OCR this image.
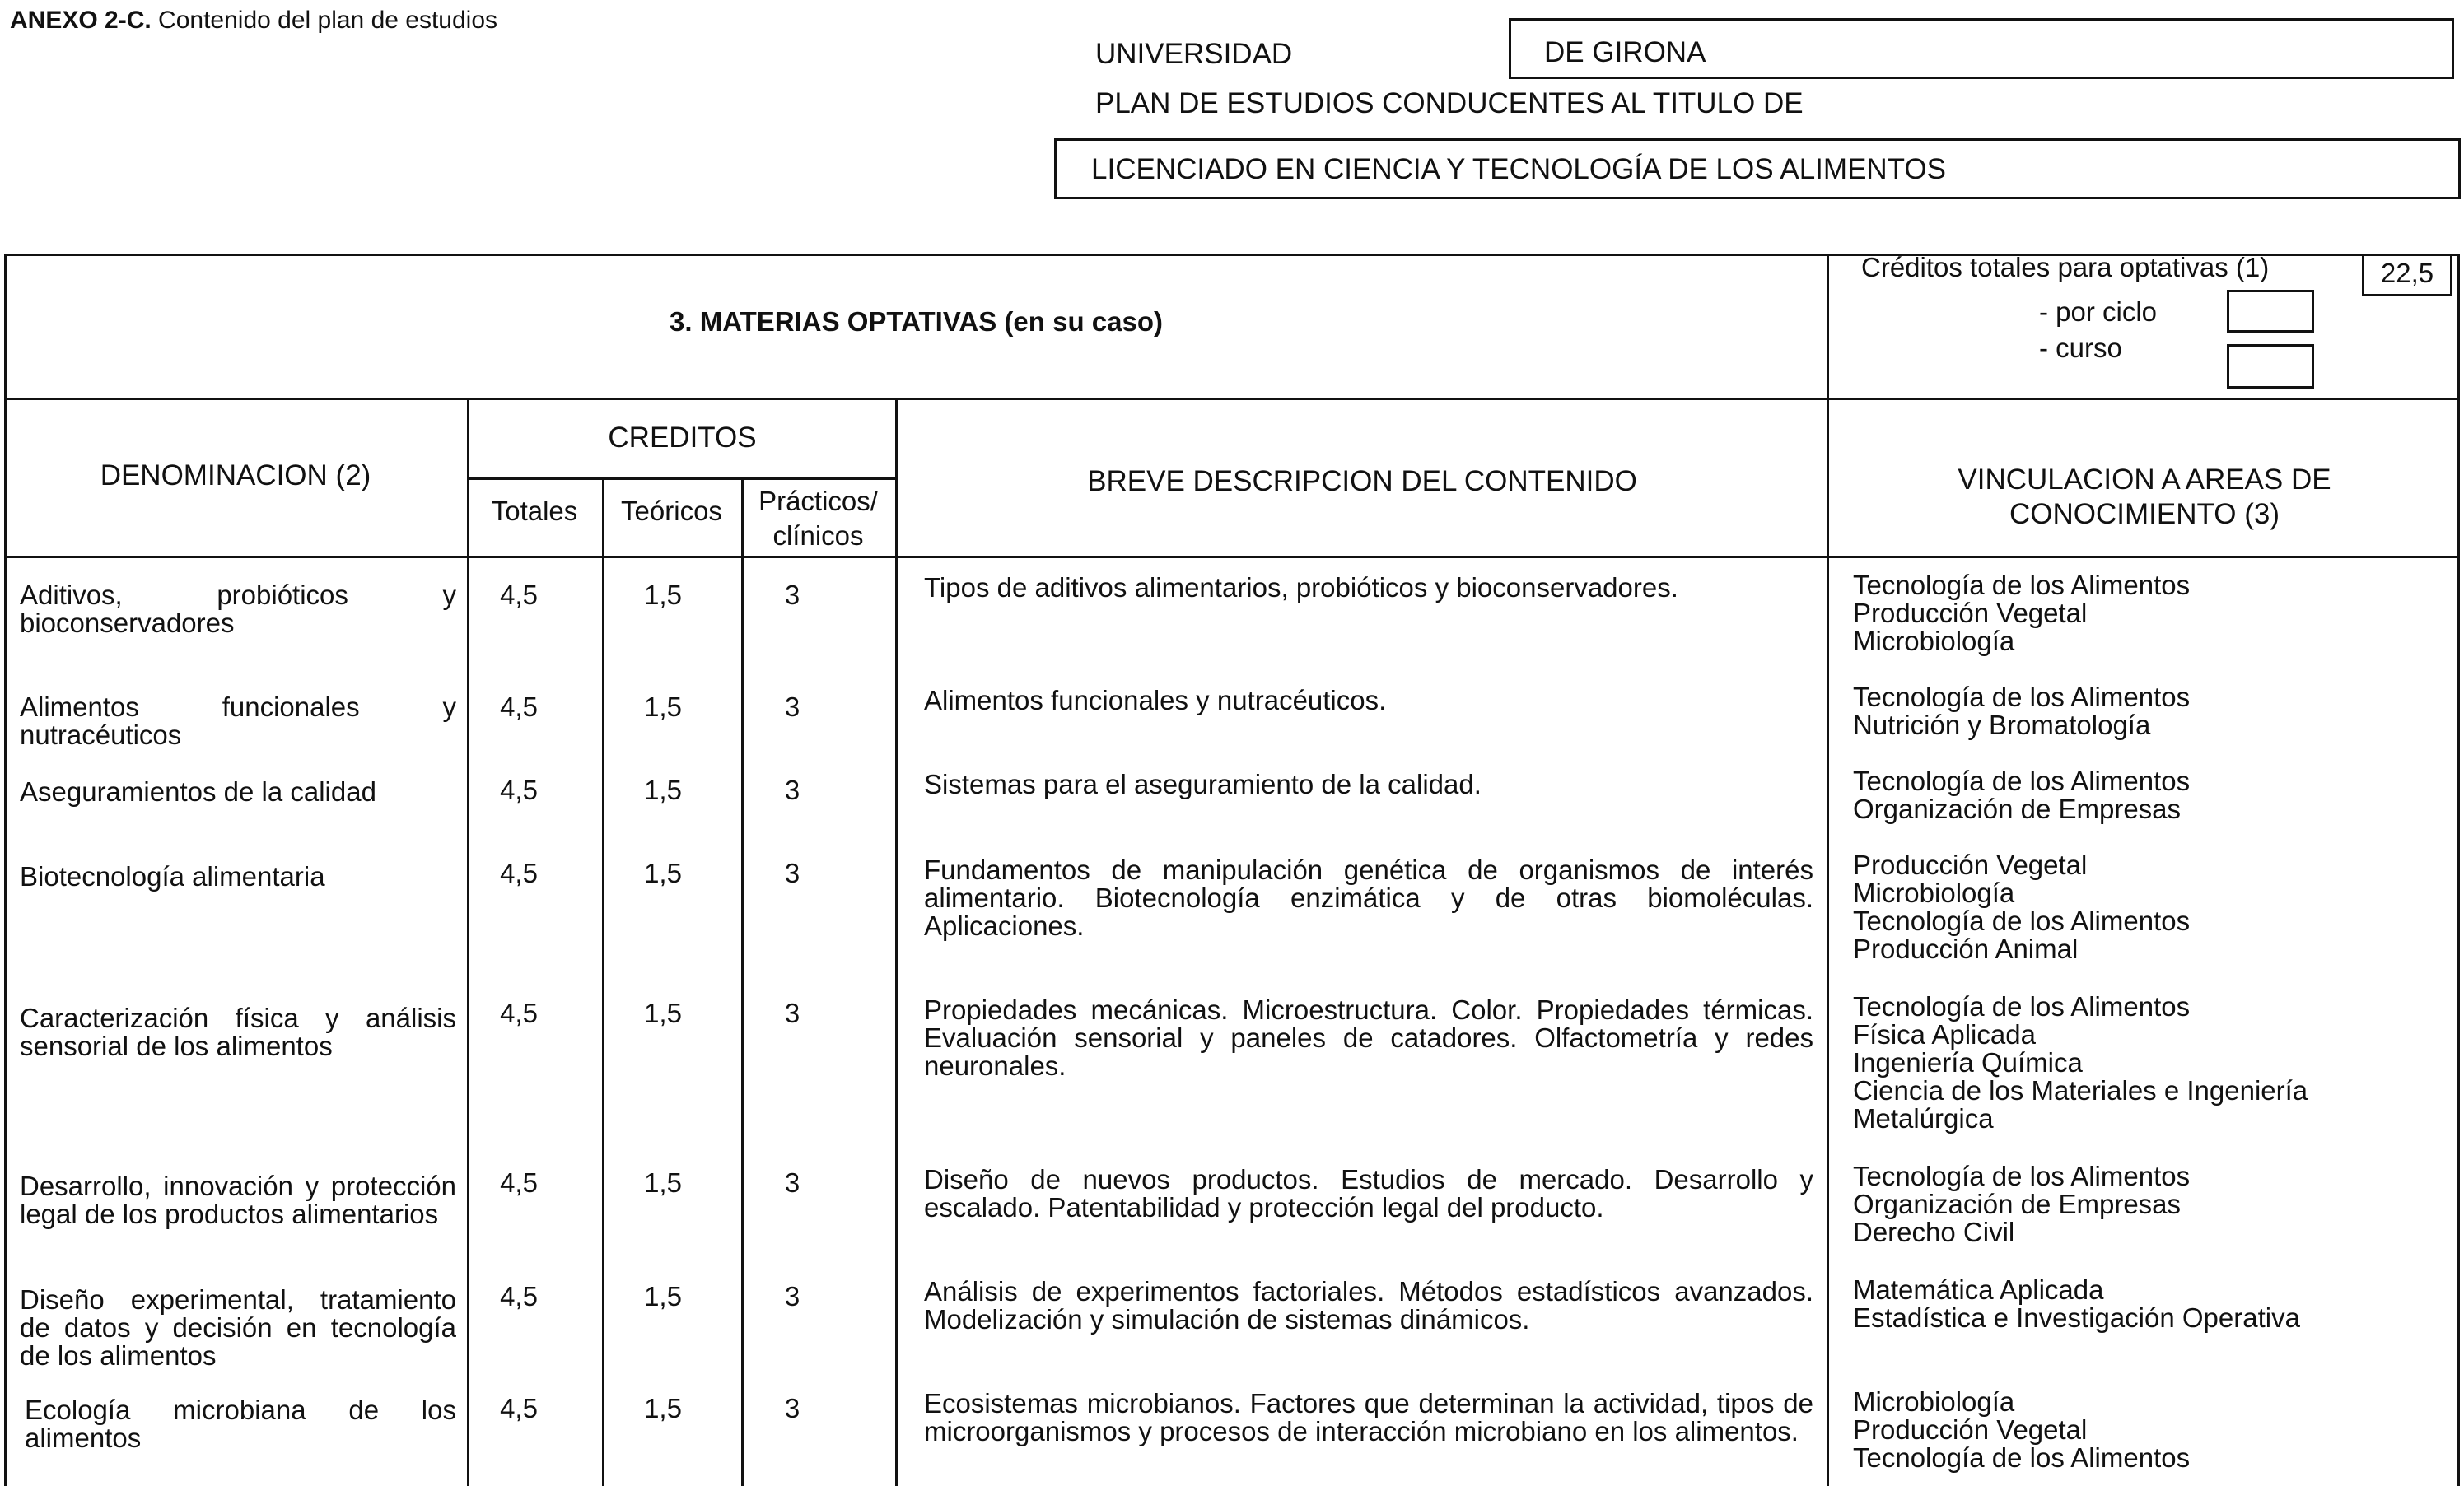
ANEXO 2-C. Contenido del plan de estudios
UNIVERSIDAD	DE GIRONA
PLAN DE ESTUDIOS CONDUCENTES AL TITULO DE
LICENCIADO EN CIENCIA Y TECNOLOGÍA DE LOS ALIMENTOS
3. MATERIAS OPTATIVAS (en su caso)
Créditos totales para optativas (1)	22,5
- por ciclo
- curso
DENOMINACION (2)
CREDITOS
Totales	Teóricos	Prácticos/
clínicos
BREVE DESCRIPCION DEL CONTENIDO	VINCULACION A AREAS DE
CONOCIMIENTO (3)
Aditivos, probióticos y bioconservadores
4,5	1,5	3	Tipos de aditivos alimentarios, probióticos y bioconservadores.	Tecnología de los Alimentos
Producción Vegetal
Microbiología
Alimentos funcionales y nutracéuticos
4,5	1,5	3	Alimentos funcionales y nutracéuticos.	Tecnología de los Alimentos
Nutrición y Bromatología
Aseguramientos de la calidad	4,5	1,5	3	Sistemas para el aseguramiento de la calidad.	Tecnología de los Alimentos
Organización de Empresas
Biotecnología alimentaria	4,5	1,5	3	Fundamentos de manipulación genética de organismos de interés alimentario. Biotecnología enzimática y de otras biomoléculas. Aplicaciones.
Producción Vegetal
Microbiología
Tecnología de los Alimentos
Producción Animal
Caracterización física y análisis sensorial de los alimentos
4,5	1,5	3	Propiedades mecánicas. Microestructura. Color. Propiedades térmicas. Evaluación sensorial y paneles de catadores. Olfactometría y redes neuronales.
Tecnología de los Alimentos
Física Aplicada
Ingeniería Química
Ciencia de los Materiales e Ingeniería
Metalúrgica
Desarrollo, innovación y protección legal de los productos alimentarios
4,5	1,5	3	Diseño de nuevos productos. Estudios de mercado. Desarrollo y escalado. Patentabilidad y protección legal del producto.
Tecnología de los Alimentos
Organización de Empresas
Derecho Civil
Diseño experimental, tratamiento de datos y decisión en tecnología de los alimentos
4,5	1,5	3	Análisis de experimentos factoriales. Métodos estadísticos avanzados. Modelización y simulación de sistemas dinámicos.
Matemática Aplicada
Estadística e Investigación Operativa
Ecología microbiana de los alimentos
4,5	1,5	3	Ecosistemas microbianos. Factores que determinan la actividad, tipos de microorganismos y procesos de interacción microbiano en los alimentos.
Microbiología
Producción Vegetal
Tecnología de los Alimentos
